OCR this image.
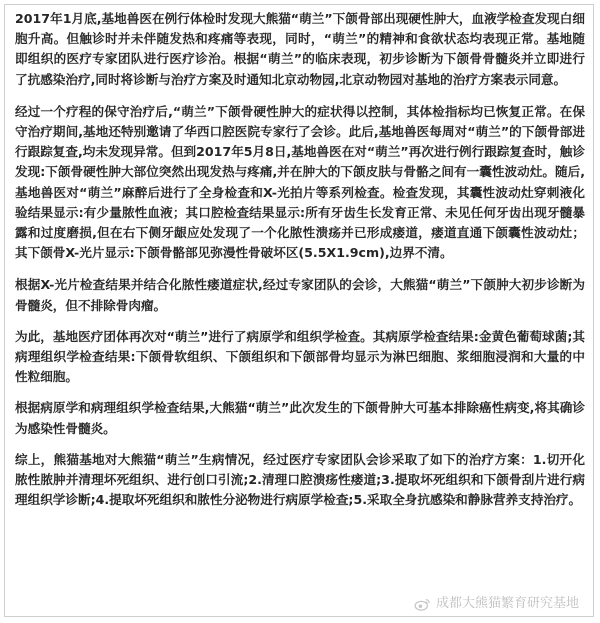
2017年1月底,基地兽医在例行体检时发现大熊猫“萌兰”下颌骨部出现硬性肿大，血液学检查发现白细胞升高。但触诊时并未伴随发热和疼痛等表现，同时，“萌兰”的精神和食欲状态均表现正常。基地随即组织的医疗专家团队进行医疗诊治。根据“萌兰”的临床表现，初步诊断为下颌骨骨髓炎并立即进行了抗感染治疗,同时将诊断与治疗方案及时通知北京动物园,北京动物园对基地的治疗方案表示同意。

经过一个疗程的保守治疗后,“萌兰”下颌骨硬性肿大的症状得以控制，其体检指标均已恢复正常。在保守治疗期间,基地还特别邀请了华西口腔医院专家行了会诊。此后,基地兽医每周对“萌兰”的下颌骨部进行跟踪复查,均未发现异常。但到2017年5月8日,基地兽医在对“萌兰”再次进行例行跟踪复查时，触诊发现:下颌骨硬性肿大部位突然出现发热与疼痛,并在肿大的下颌皮肤与骨骼之间有一囊性波动灶。随后,基地兽医对“萌兰”麻醉后进行了全身检查和X-光拍片等系列检查。检查发现，其囊性波动灶穿刺液化验结果显示:有少量脓性血液；其口腔检查结果显示:所有牙齿生长发育正常、未见任何牙齿出现牙髓暴露和过度磨损,但在右下侧牙龈应处发现了一个化脓性溃疡并已形成瘘道，瘘道直通下颌囊性波动灶；其下颌骨X-光片显示:下颌骨骼部见弥漫性骨破坏区(5.5X1.9cm),边界不清。

根据X-光片检查结果并结合化脓性瘘道症状,经过专家团队的会诊，大熊猫“萌兰”下颌肿大初步诊断为骨髓炎，但不排除骨肉瘤。

为此，基地医疗团体再次对“萌兰”进行了病原学和组织学检查。其病原学检查结果:金黄色葡萄球菌;其病理组织学检查结果:下颌骨软组织、下颌组织和下颌部骨均显示为淋巴细胞、浆细胞浸润和大量的中性粒细胞。

根据病原学和病理组织学检查结果,大熊猫“萌兰”此次发生的下颌骨肿大可基本排除癌性病变,将其确诊为感染性骨髓炎。

综上，熊猫基地对大熊猫“萌兰”生病情况，经过医疗专家团队会诊采取了如下的治疗方案：1.切开化脓性脓肿并清理坏死组织、进行创口引流;2.清理口腔溃疡性瘘道;3.提取坏死组织和下颌骨刮片进行病理组织学诊断;4.提取坏死组织和脓性分泌物进行病原学检查;5.采取全身抗感染和静脉营养支持治疗。

成都大熊猫繁育研究基地
